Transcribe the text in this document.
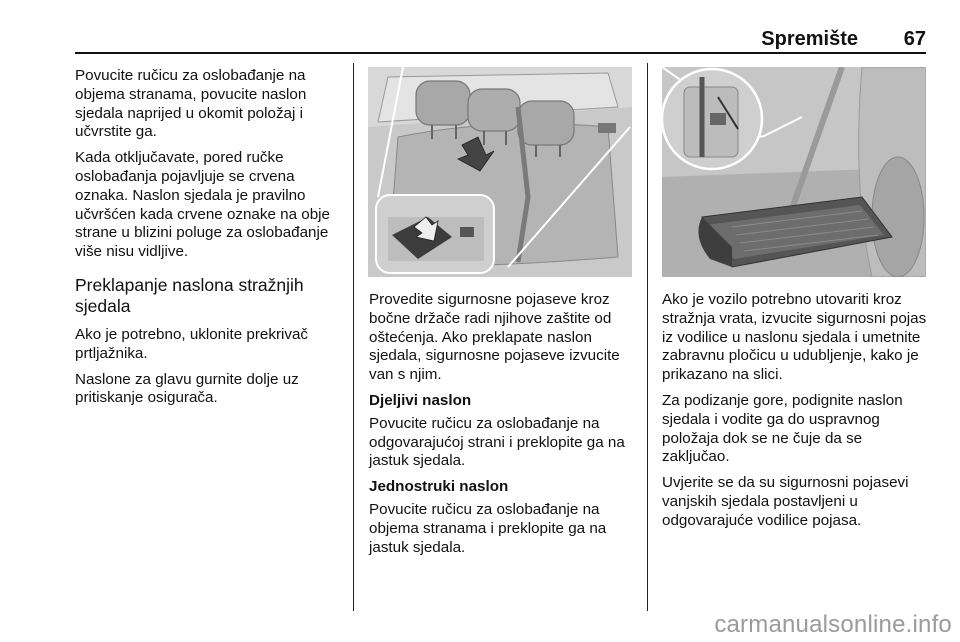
Spremište 67

Povucite ručicu za oslobađanje na objema stranama, povucite naslon sjedala naprijed u okomit položaj i učvrstite ga.

Kada otključavate, pored ručke oslobađanja pojavljuje se crvena oznaka. Naslon sjedala je pravilno učvršćen kada crvene oznake na obje strane u blizini poluge za oslobađanje više nisu vidljive.

Preklapanje naslona stražnjih sjedala

Ako je potrebno, uklonite prekrivač prtljažnika.

Naslone za glavu gurnite dolje uz pritiskanje osigurača.

Provedite sigurnosne pojaseve kroz bočne držače radi njihove zaštite od oštećenja. Ako preklapate naslon sjedala, sigurnosne pojaseve izvucite van s njim.

Djeljivi naslon

Povucite ručicu za oslobađanje na odgovarajućoj strani i preklopite ga na jastuk sjedala.

Jednostruki naslon

Povucite ručicu za oslobađanje na objema stranama i preklopite ga na jastuk sjedala.

Ako je vozilo potrebno utovariti kroz stražnja vrata, izvucite sigurnosni pojas iz vodilice u naslonu sjedala i umetnite zabravnu pločicu u udubljenje, kako je prikazano na slici.

Za podizanje gore, podignite naslon sjedala i vodite ga do uspravnog položaja dok se ne čuje da se zaključao.

Uvjerite se da su sigurnosni pojasevi vanjskih sjedala postavljeni u odgovarajuće vodilice pojasa.

carmanualsonline.info
